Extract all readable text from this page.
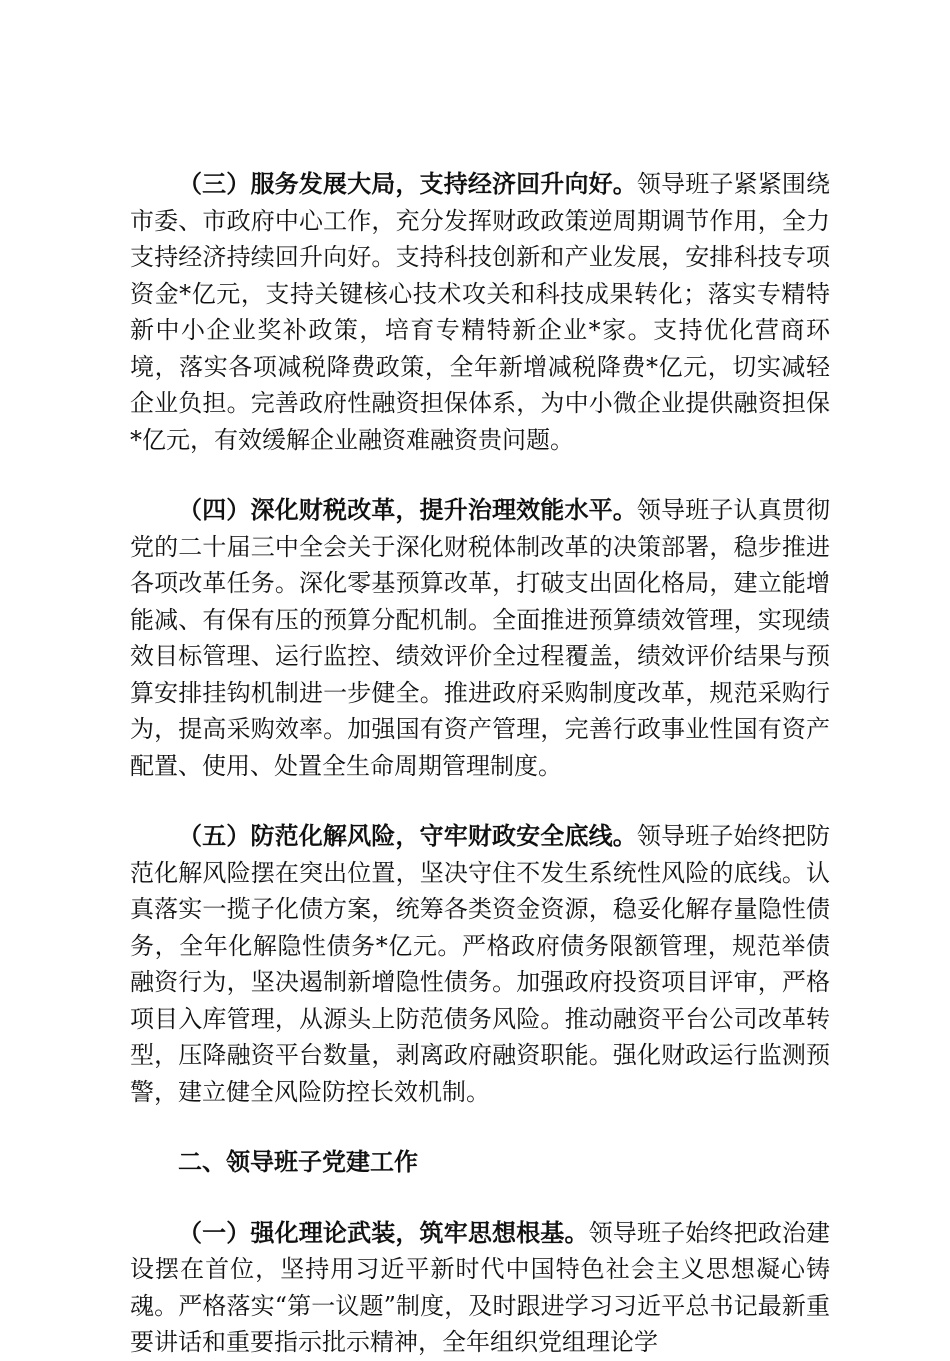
（三）服务发展大局，支持经济回升向好。领导班子紧紧围绕市委、市政府中心工作，充分发挥财政政策逆周期调节作用，全力支持经济持续回升向好。支持科技创新和产业发展，安排科技专项资金*亿元，支持关键核心技术攻关和科技成果转化；落实专精特新中小企业奖补政策，培育专精特新企业*家。支持优化营商环境，落实各项减税降费政策，全年新增减税降费*亿元，切实减轻企业负担。完善政府性融资担保体系，为中小微企业提供融资担保*亿元，有效缓解企业融资难融资贵问题。

（四）深化财税改革，提升治理效能水平。领导班子认真贯彻党的二十届三中全会关于深化财税体制改革的决策部署，稳步推进各项改革任务。深化零基预算改革，打破支出固化格局，建立能增能减、有保有压的预算分配机制。全面推进预算绩效管理，实现绩效目标管理、运行监控、绩效评价全过程覆盖，绩效评价结果与预算安排挂钩机制进一步健全。推进政府采购制度改革，规范采购行为，提高采购效率。加强国有资产管理，完善行政事业性国有资产配置、使用、处置全生命周期管理制度。

（五）防范化解风险，守牢财政安全底线。领导班子始终把防范化解风险摆在突出位置，坚决守住不发生系统性风险的底线。认真落实一揽子化债方案，统筹各类资金资源，稳妥化解存量隐性债务，全年化解隐性债务*亿元。严格政府债务限额管理，规范举债融资行为，坚决遏制新增隐性债务。加强政府投资项目评审，严格项目入库管理，从源头上防范债务风险。推动融资平台公司改革转型，压降融资平台数量，剥离政府融资职能。强化财政运行监测预警，建立健全风险防控长效机制。

二、领导班子党建工作

（一）强化理论武装，筑牢思想根基。领导班子始终把政治建设摆在首位，坚持用习近平新时代中国特色社会主义思想凝心铸魂。严格落实“第一议题”制度，及时跟进学习习近平总书记最新重要讲话和重要指示批示精神，全年组织党组理论学
